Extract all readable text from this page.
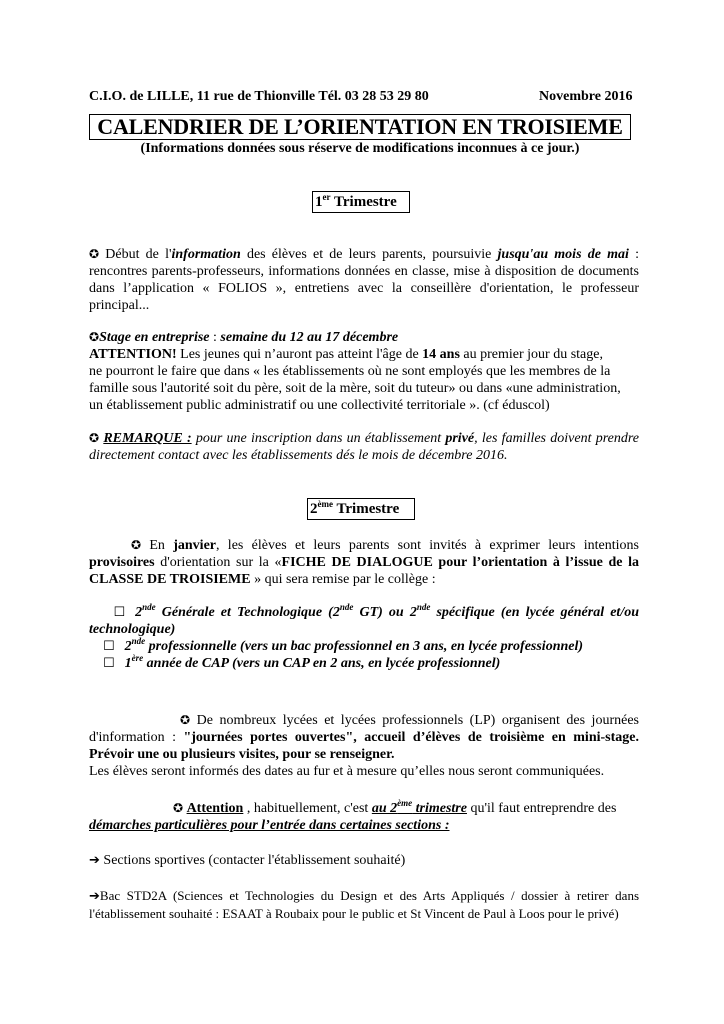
C.I.O. de LILLE, 11 rue de Thionville Tél. 03 28 53 29 80	Novembre 2016
CALENDRIER DE L’ORIENTATION EN TROISIEME
(Informations données sous réserve de modifications inconnues à ce jour.)
1er Trimestre
✪ Début de l'information des élèves et de leurs parents, poursuivie jusqu'au mois de mai : rencontres parents-professeurs, informations données en classe, mise à disposition de documents dans l’application « FOLIOS », entretiens avec la conseillère d'orientation, le professeur principal...
✪Stage en entreprise : semaine du 12 au 17 décembre
ATTENTION! Les jeunes qui n’auront pas atteint l'âge de 14 ans au premier jour du stage,
ne pourront le faire que dans « les établissements où ne sont employés que les membres de la
famille sous l'autorité soit du père, soit de la mère, soit du tuteur» ou dans «une administration,
un établissement public administratif ou une collectivité territoriale ». (cf éduscol)
✪ REMARQUE : pour une inscription dans un établissement privé, les familles doivent prendre directement contact avec les établissements dés le mois de décembre 2016.
2ème Trimestre
✪ En janvier, les élèves et leurs parents sont invités à exprimer leurs intentions provisoires d'orientation sur la «FICHE DE DIALOGUE pour l’orientation à l’issue de la CLASSE DE TROISIEME » qui sera remise par le collège :
☐ 2nde Générale et Technologique (2nde GT) ou 2nde spécifique (en lycée général et/ou technologique)
☐ 2nde professionnelle (vers un bac professionnel en 3 ans, en lycée professionnel)
☐ 1ère année de CAP (vers un CAP en 2 ans, en lycée professionnel)
✪ De nombreux lycées et lycées professionnels (LP) organisent des journées d'information : "journées portes ouvertes", accueil d’élèves de troisième en mini-stage. Prévoir une ou plusieurs visites, pour se renseigner.
Les élèves seront informés des dates au fur et à mesure qu’elles nous seront communiquées.
✪ Attention , habituellement, c'est au 2ème trimestre qu'il faut entreprendre des
démarches particulières pour l’entrée dans certaines sections :
➔ Sections sportives (contacter l'établissement souhaité)
➔Bac STD2A (Sciences et Technologies du Design et des Arts Appliqués / dossier à retirer dans l'établissement souhaité : ESAAT à Roubaix pour le public et St Vincent de Paul à Loos pour le privé)
